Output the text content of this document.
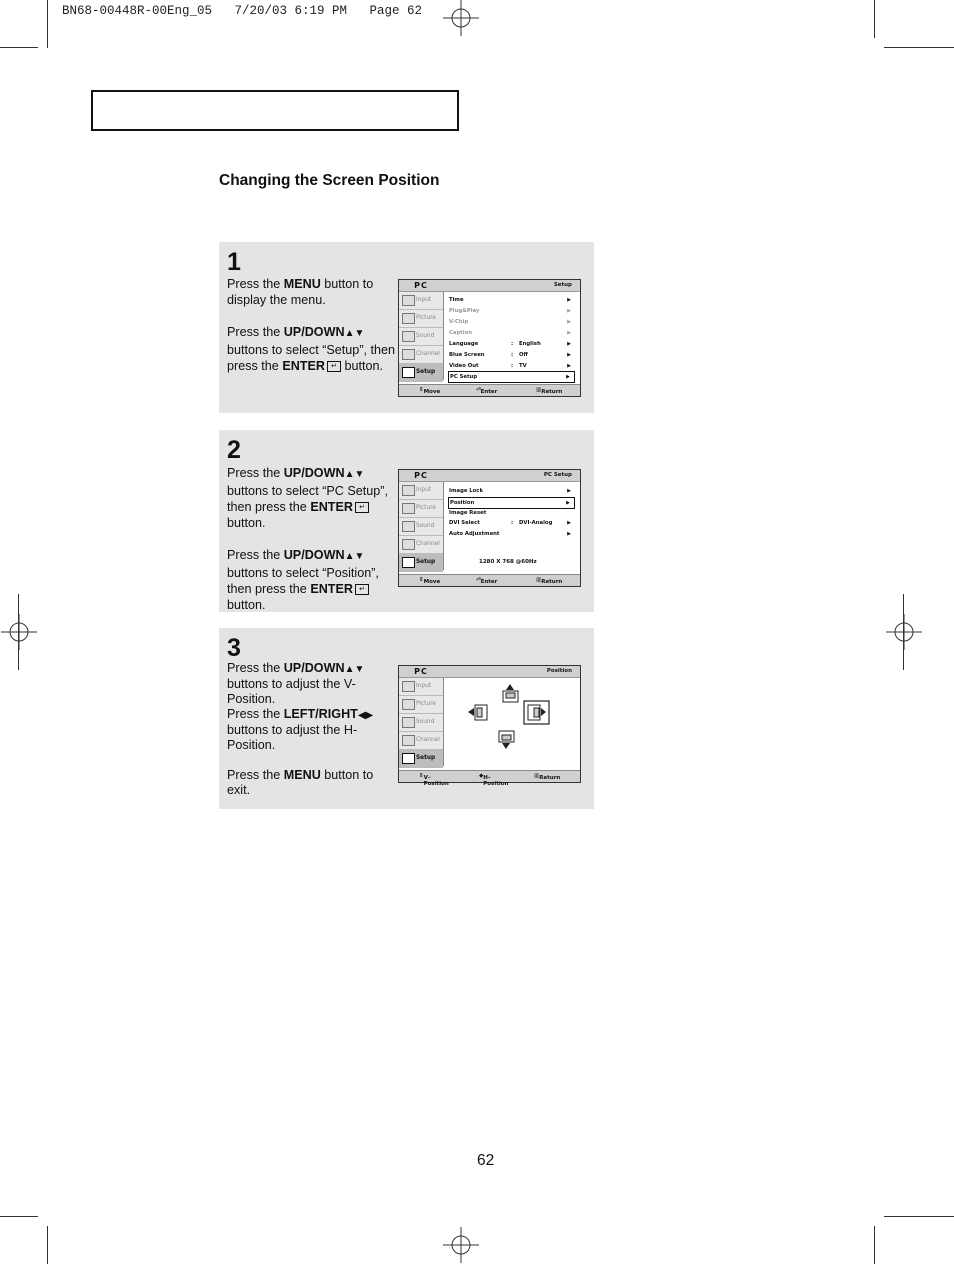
BN68-00448R-00Eng_05   7/20/03 6:19 PM   Page 62
Changing the Screen Position
1

Press the MENU button to display the menu.

Press the UP/DOWN▲▼ buttons to select “Setup”, then press the ENTER ↵ button.

PC	Setup
Input
Picture
Sound
Channel
Setup
Time	▶
Plug&Play	▶
V-Chip	▶
Caption	▶
Language	: English	▶
Blue Screen	: Off	▶
Video Out	: TV	▶
PC Setup	▶
⇕ Move	⏎ Enter	▥ Return
2

Press the UP/DOWN▲▼ buttons to select “PC Setup”, then press the ENTER ↵ button.

Press the UP/DOWN▲▼ buttons to select “Position”, then press the ENTER ↵ button.

PC	PC Setup
Input
Picture
Sound
Channel
Setup
Image Lock	▶
Position	▶
Image Reset
DVI Select	: DVI-Analog	▶
Auto Adjustment	▶
1280 X 768 @60Hz
⇕ Move	⏎ Enter	▥ Return
3

Press the UP/DOWN▲▼ buttons to adjust the V-Position.

Press the LEFT/RIGHT◀▶ buttons to adjust the H-Position.

Press the MENU button to exit.

PC	Position
Input
Picture
Sound
Channel
Setup
⇕ V–Position
◆ H–Position
▥ Return
62
